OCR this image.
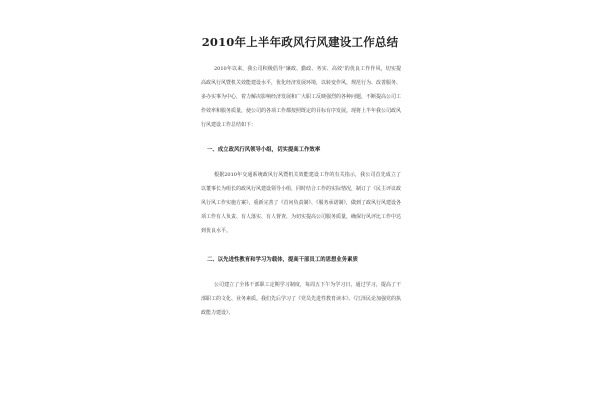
2010年上半年政风行风建设工作总结

2010年以来，我公司积极倡导“廉政、勤政、务实、高效”的优良工作作风，切实提高政风行风暨机关效能建设水平，优化经济发展环境，以转变作风、规范行为、改善服务、多办实事为中心，着力解决影响经济发展和广大职工反映强烈的各种问题，不断提高公司工作效率和服务质量，使公司的各项工作都按照既定的目标有序发展。现将上半年我公司政风行风建设工作总结如下：

一、成立政风行风领导小组，切实提高工作效率

根据2010年交通系统政风行风暨机关效能建设工作的有关指示，我公司首先成立了以董事长为组长的政风行风建设领导小组，同时结合工作的实际情况，制订了《民主评议政风行风工作实施方案》，重新完善了《首问负责制》、《服务承诺制》，做到了政风行风建设各项工作有人负责、有人落实、有人督查，为切实提高公司服务质量，确保行风评比工作中达到优良水平。

二、以先进性教育和学习为载体，提高干部员工的思想业务素质

公司建立了全体干部职工定期学习制度，每周五下午为学习日，通过学习，提高了干部职工的文化、业务素质。我们先后学习了《党员先进性教育读本》、《江泽民论加强党的执政能力建设》、
